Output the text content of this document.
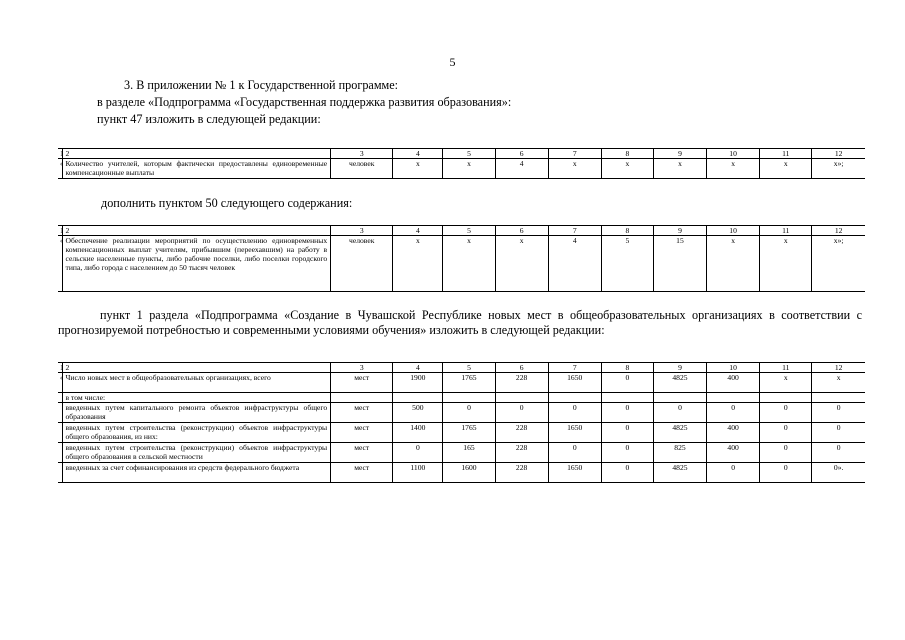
5
3. В приложении № 1 к Государственной программе:
в разделе «Подпрограмма «Государственная поддержка развития образования»:
пункт 47 изложить в следующей редакции:
	2	3	4	5	6	7	8	9	10	11	12
	Количество учителей, которым фактически предоставлены единовременные компенсационные выплаты	человек	х	х	4	х	х	х	х	х	х»;
дополнить пунктом 50 следующего содержания:
	2	3	4	5	6	7	8	9	10	11	12
	Обеспечение реализации мероприятий по осуществлению единовременных компенсационных выплат учителям, прибывшим (переехавшим) на работу в сельские населенные пункты, либо рабочие поселки, либо поселки городского типа, либо города с населением до 50 тысяч человек	человек	х	х	х	4	5	15	х	х	х»;
пункт 1 раздела «Подпрограмма «Создание в Чувашской Республике новых мест в общеобразовательных организациях в соответствии с прогнозируемой потребностью и современными условиями обучения» изложить в следующей редакции:
	2	3	4	5	6	7	8	9	10	11	12
	Число новых мест в общеобразовательных организациях, всего	мест	1900	1765	228	1650	0	4825	400	х	х
	в том числе:										
	введенных путем капитального ремонта объектов инфраструктуры общего образования	мест	500	0	0	0	0	0	0	0	0
	введенных путем строительства (реконструкции) объектов инфраструктуры общего образования, из них:	мест	1400	1765	228	1650	0	4825	400	0	0
	введенных путем строительства (реконструкции) объектов инфраструктуры общего образования в сельской местности	мест	0	165	228	0	0	825	400	0	0
	введенных за счет софинансирования из средств федерального бюджета	мест	1100	1600	228	1650	0	4825	0	0	0».
